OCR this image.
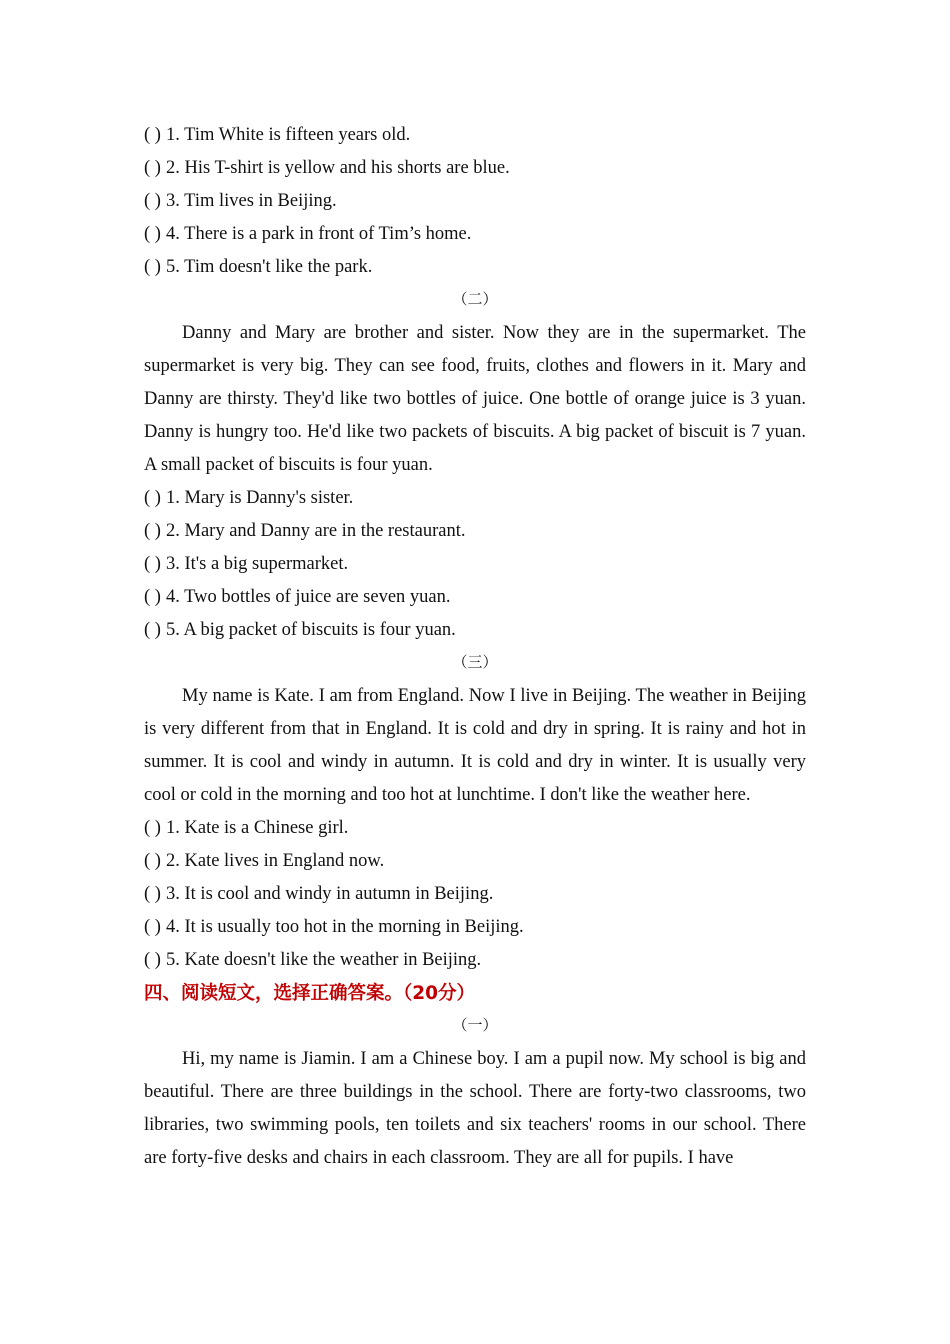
( ) 1. Tim White is fifteen years old.
( ) 2. His T-shirt is yellow and his shorts are blue.
( ) 3. Tim lives in Beijing.
( ) 4. There is a park in front of Tim’s home.
( ) 5. Tim doesn't like the park.
（二）

Danny and Mary are brother and sister. Now they are in the supermarket. The supermarket is very big. They can see food, fruits, clothes and flowers in it. Mary and Danny are thirsty. They'd like two bottles of juice. One bottle of orange juice is 3 yuan. Danny is hungry too. He'd like two packets of biscuits. A big packet of biscuit is 7 yuan. A small packet of biscuits is four yuan.

( ) 1. Mary is Danny's sister.
( ) 2. Mary and Danny are in the restaurant.
( ) 3. It's a big supermarket.
( ) 4. Two bottles of juice are seven yuan.
( ) 5. A big packet of biscuits is four yuan.
（三）

My name is Kate. I am from England. Now I live in Beijing. The weather in Beijing is very different from that in England. It is cold and dry in spring. It is rainy and hot in summer. It is cool and windy in autumn. It is cold and dry in winter. It is usually very cool or cold in the morning and too hot at lunchtime. I don't like the weather here.

( ) 1. Kate is a Chinese girl.
( ) 2. Kate lives in England now.
( ) 3. It is cool and windy in autumn in Beijing.
( ) 4. It is usually too hot in the morning in Beijing.
( ) 5. Kate doesn't like the weather in Beijing.
四、阅读短文，选择正确答案。（20分）
（一）

Hi, my name is Jiamin. I am a Chinese boy. I am a pupil now. My school is big and beautiful. There are three buildings in the school. There are forty-two classrooms, two libraries, two swimming pools, ten toilets and six teachers' rooms in our school. There are forty-five desks and chairs in each classroom. They are all for pupils. I have
